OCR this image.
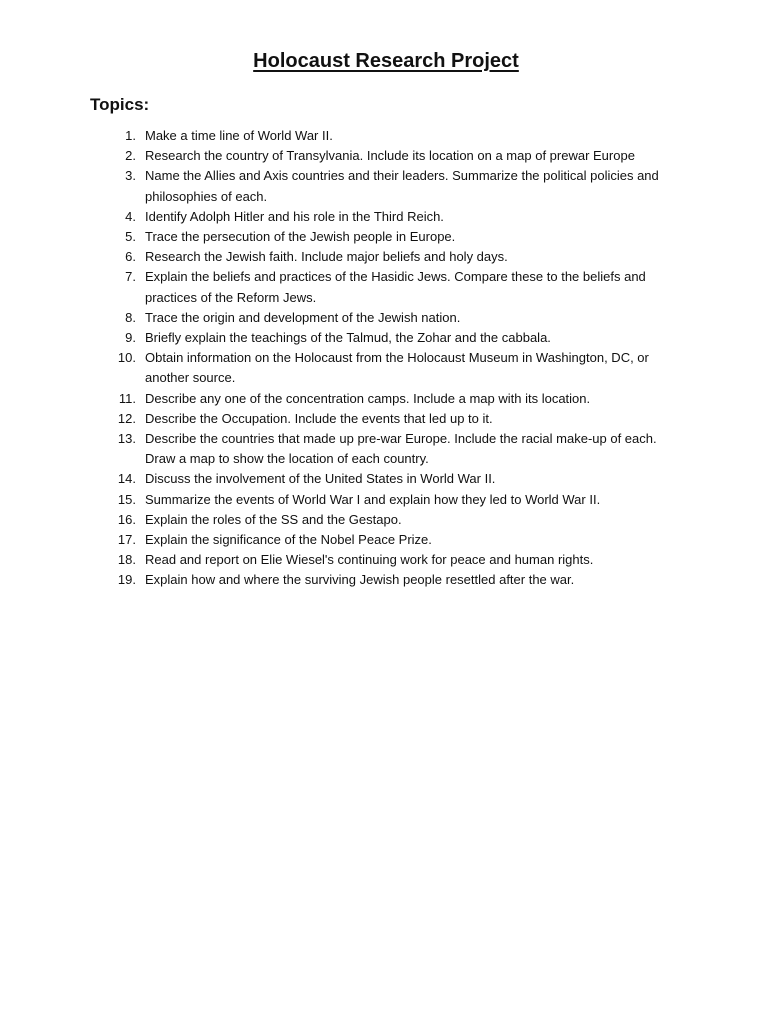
Holocaust Research Project
Topics:
1. Make a time line of World War II.
2. Research the country of Transylvania. Include its location on a map of prewar Europe
3. Name the Allies and Axis countries and their leaders. Summarize the political policies and philosophies of each.
4. Identify Adolph Hitler and his role in the Third Reich.
5. Trace the persecution of the Jewish people in Europe.
6. Research the Jewish faith. Include major beliefs and holy days.
7. Explain the beliefs and practices of the Hasidic Jews. Compare these to the beliefs and practices of the Reform Jews.
8. Trace the origin and development of the Jewish nation.
9. Briefly explain the teachings of the Talmud, the Zohar and the cabbala.
10. Obtain information on the Holocaust from the Holocaust Museum in Washington, DC, or another source.
11. Describe any one of the concentration camps. Include a map with its location.
12. Describe the Occupation. Include the events that led up to it.
13. Describe the countries that made up pre-war Europe. Include the racial make-up of each. Draw a map to show the location of each country.
14. Discuss the involvement of the United States in World War II.
15. Summarize the events of World War I and explain how they led to World War II.
16. Explain the roles of the SS and the Gestapo.
17. Explain the significance of the Nobel Peace Prize.
18. Read and report on Elie Wiesel's continuing work for peace and human rights.
19. Explain how and where the surviving Jewish people resettled after the war.
